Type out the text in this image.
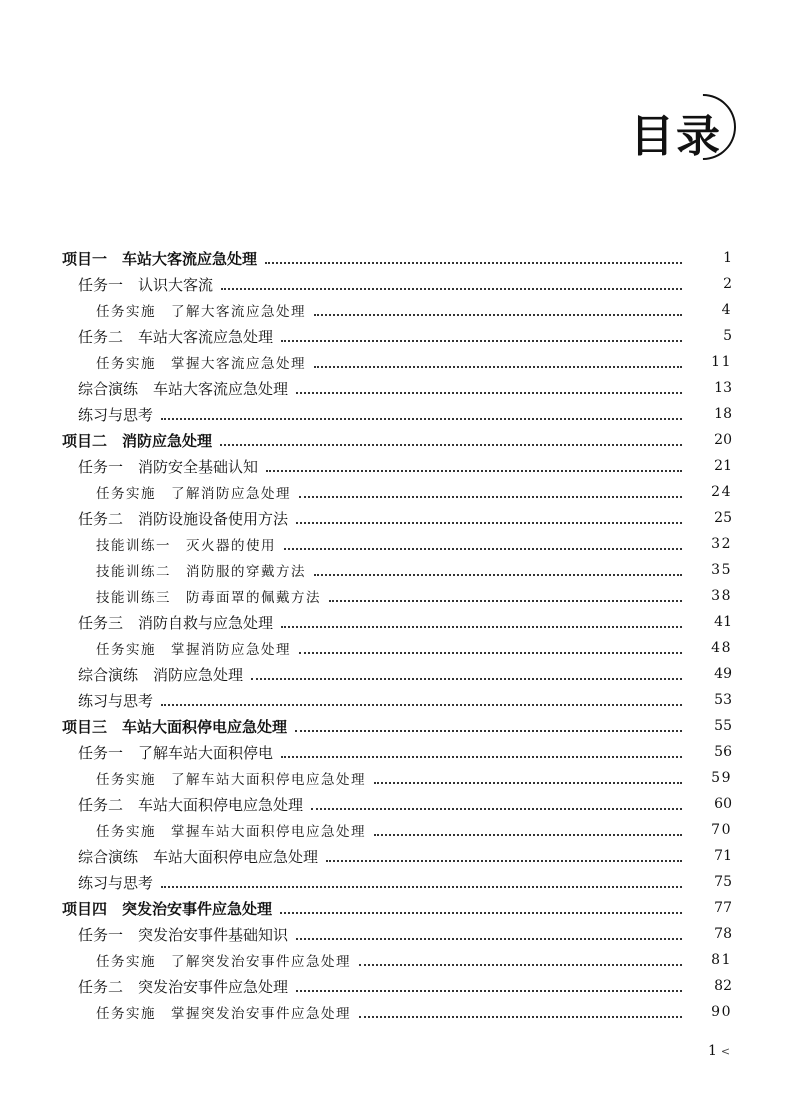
目录
项目一　车站大客流应急处理	1
任务一　认识大客流	2
任务实施　了解大客流应急处理	4
任务二　车站大客流应急处理	5
任务实施　掌握大客流应急处理	11
综合演练　车站大客流应急处理	13
练习与思考	18
项目二　消防应急处理	20
任务一　消防安全基础认知	21
任务实施　了解消防应急处理	24
任务二　消防设施设备使用方法	25
技能训练一　灭火器的使用	32
技能训练二　消防服的穿戴方法	35
技能训练三　防毒面罩的佩戴方法	38
任务三　消防自救与应急处理	41
任务实施　掌握消防应急处理	48
综合演练　消防应急处理	49
练习与思考	53
项目三　车站大面积停电应急处理	55
任务一　了解车站大面积停电	56
任务实施　了解车站大面积停电应急处理	59
任务二　车站大面积停电应急处理	60
任务实施　掌握车站大面积停电应急处理	70
综合演练　车站大面积停电应急处理	71
练习与思考	75
项目四　突发治安事件应急处理	77
任务一　突发治安事件基础知识	78
任务实施　了解突发治安事件应急处理	81
任务二　突发治安事件应急处理	82
任务实施　掌握突发治安事件应急处理	90
1 <
